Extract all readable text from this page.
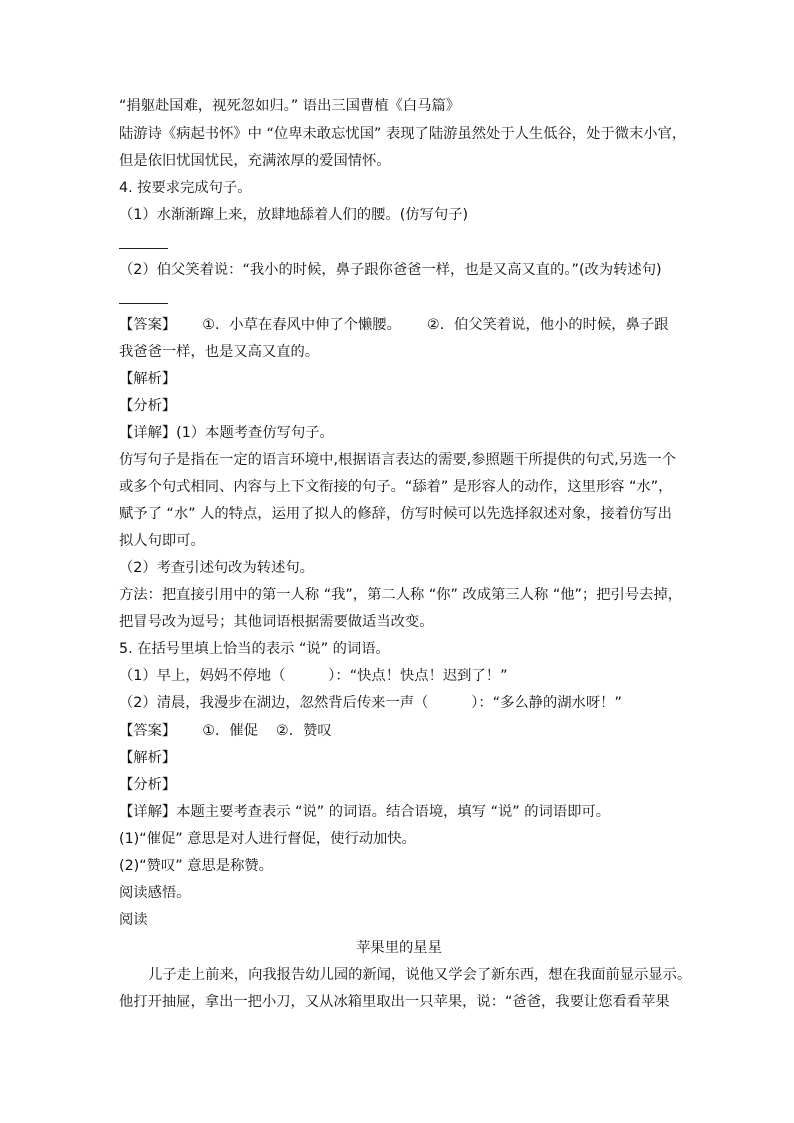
“捐躯赴国难，视死忽如归。” 语出三国曹植《白马篇》
陆游诗《病起书怀》中 “位卑未敢忘忧国” 表现了陆游虽然处于人生低谷，处于微末小官，
但是依旧忧国忧民，充满浓厚的爱国情怀。
4. 按要求完成句子。
（1）水渐渐蹿上来，放肆地舔着人们的腰。(仿写句子)
（2）伯父笑着说：“我小的时候，鼻子跟你爸爸一样，也是又高又直的。”(改为转述句)
【答案】 ①．小草在春风中伸了个懒腰。 ②．伯父笑着说，他小的时候，鼻子跟
我爸爸一样，也是又高又直的。
【解析】
【分析】
【详解】(1）本题考查仿写句子。
仿写句子是指在一定的语言环境中,根据语言表达的需要,参照题干所提供的句式,另选一个
或多个句式相同、内容与上下文衔接的句子。“舔着” 是形容人的动作，这里形容 “水”，
赋予了 “水” 人的特点，运用了拟人的修辞，仿写时候可以先选择叙述对象，接着仿写出
拟人句即可。
（2）考查引述句改为转述句。
方法：把直接引用中的第一人称 “我”，第二人称 “你” 改成第三人称 “他”；把引号去掉，
把冒号改为逗号；其他词语根据需要做适当改变。
5. 在括号里填上恰当的表示 “说” 的词语。
（1）早上，妈妈不停地（　　　）：“快点！快点！迟到了！”
（2）清晨，我漫步在湖边，忽然背后传来一声（　　　）：“多么静的湖水呀！”
【答案】 ①．催促 ②．赞叹
【解析】
【分析】
【详解】本题主要考查表示 “说” 的词语。结合语境，填写 “说” 的词语即可。
(1)“催促” 意思是对人进行督促，使行动加快。
(2)“赞叹” 意思是称赞。
阅读感悟。
阅读
苹果里的星星
儿子走上前来，向我报告幼儿园的新闻，说他又学会了新东西，想在我面前显示显示。
他打开抽屉，拿出一把小刀，又从冰箱里取出一只苹果，说：“爸爸，我要让您看看苹果
